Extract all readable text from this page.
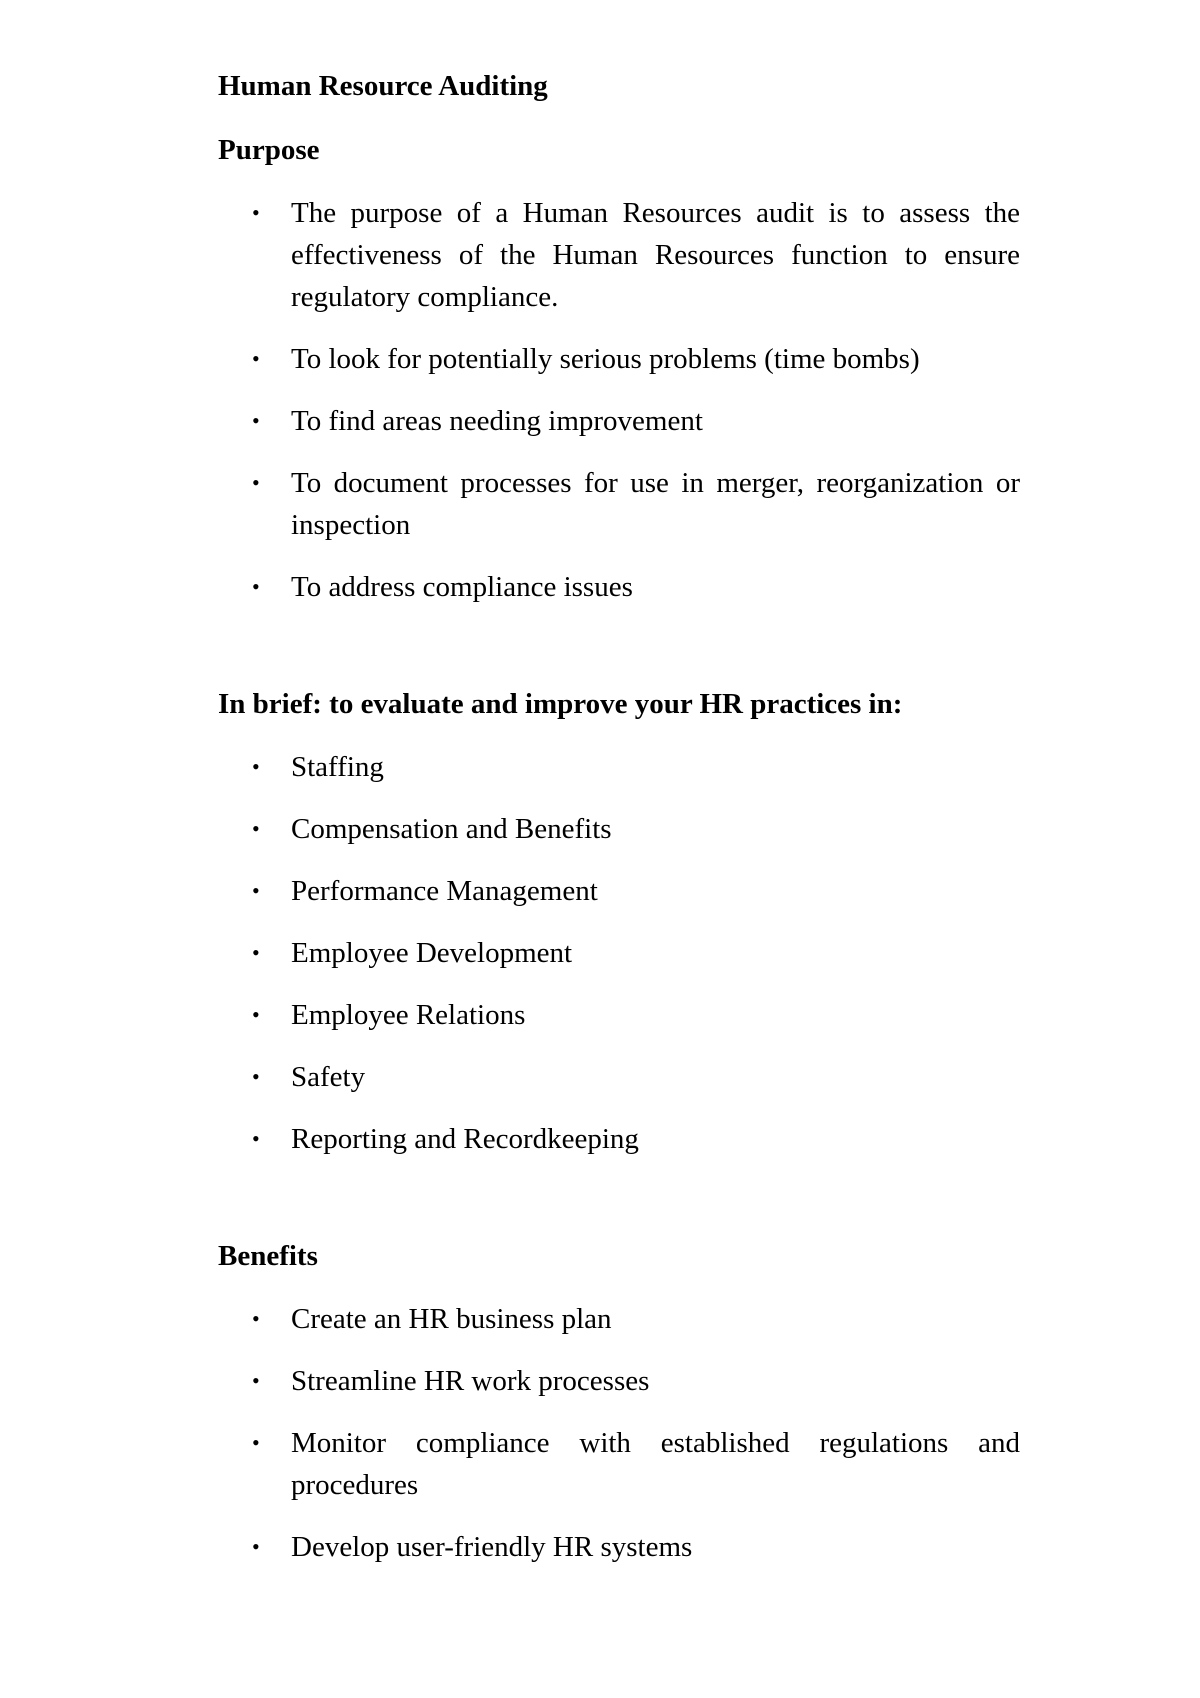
Human Resource Auditing
Purpose
• The purpose of a Human Resources audit is to assess the effectiveness of the Human Resources function to ensure regulatory compliance.
• To look for potentially serious problems (time bombs)
• To find areas needing improvement
• To document processes for use in merger, reorganization or inspection
• To address compliance issues
In brief: to evaluate and improve your HR practices in:
• Staffing
• Compensation and Benefits
• Performance Management
• Employee Development
• Employee Relations
• Safety
• Reporting and Recordkeeping
Benefits
• Create an HR business plan
• Streamline HR work processes
• Monitor compliance with established regulations and procedures
• Develop user-friendly HR systems
